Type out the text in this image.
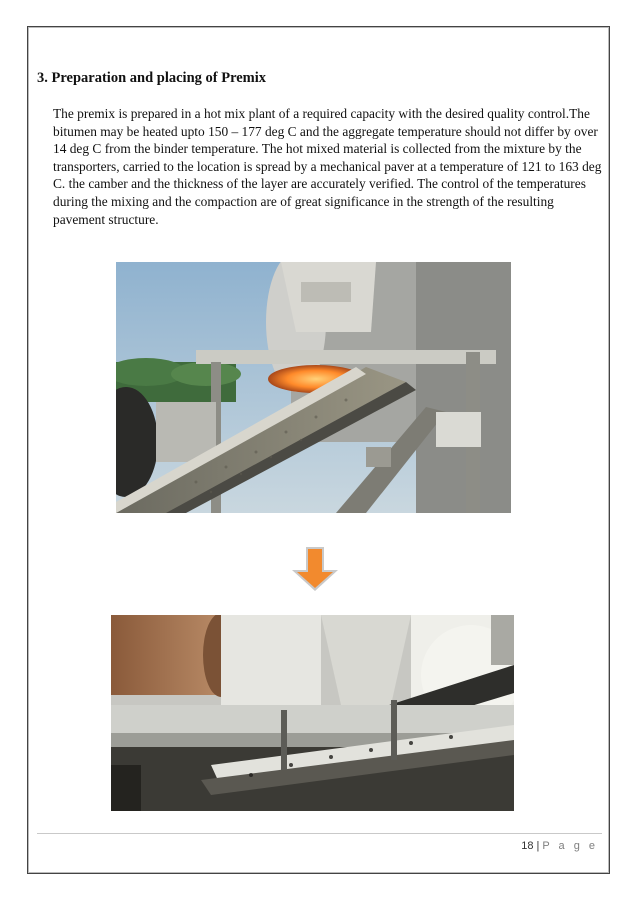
3. Preparation and placing of Premix

The premix is prepared in a hot mix plant of a required capacity with the desired quality control.The bitumen may be heated upto 150 – 177 deg C and the aggregate temperature should not differ by over 14 deg C from the binder temperature. The hot mixed material is collected from the mixture by the transporters, carried to the location is spread by a mechanical paver at a temperature of 121 to 163 deg C. the camber and the thickness of the layer are accurately verified. The control of the temperatures during the mixing and the compaction are of great significance in the strength of the resulting pavement structure.

18 | P a g e
